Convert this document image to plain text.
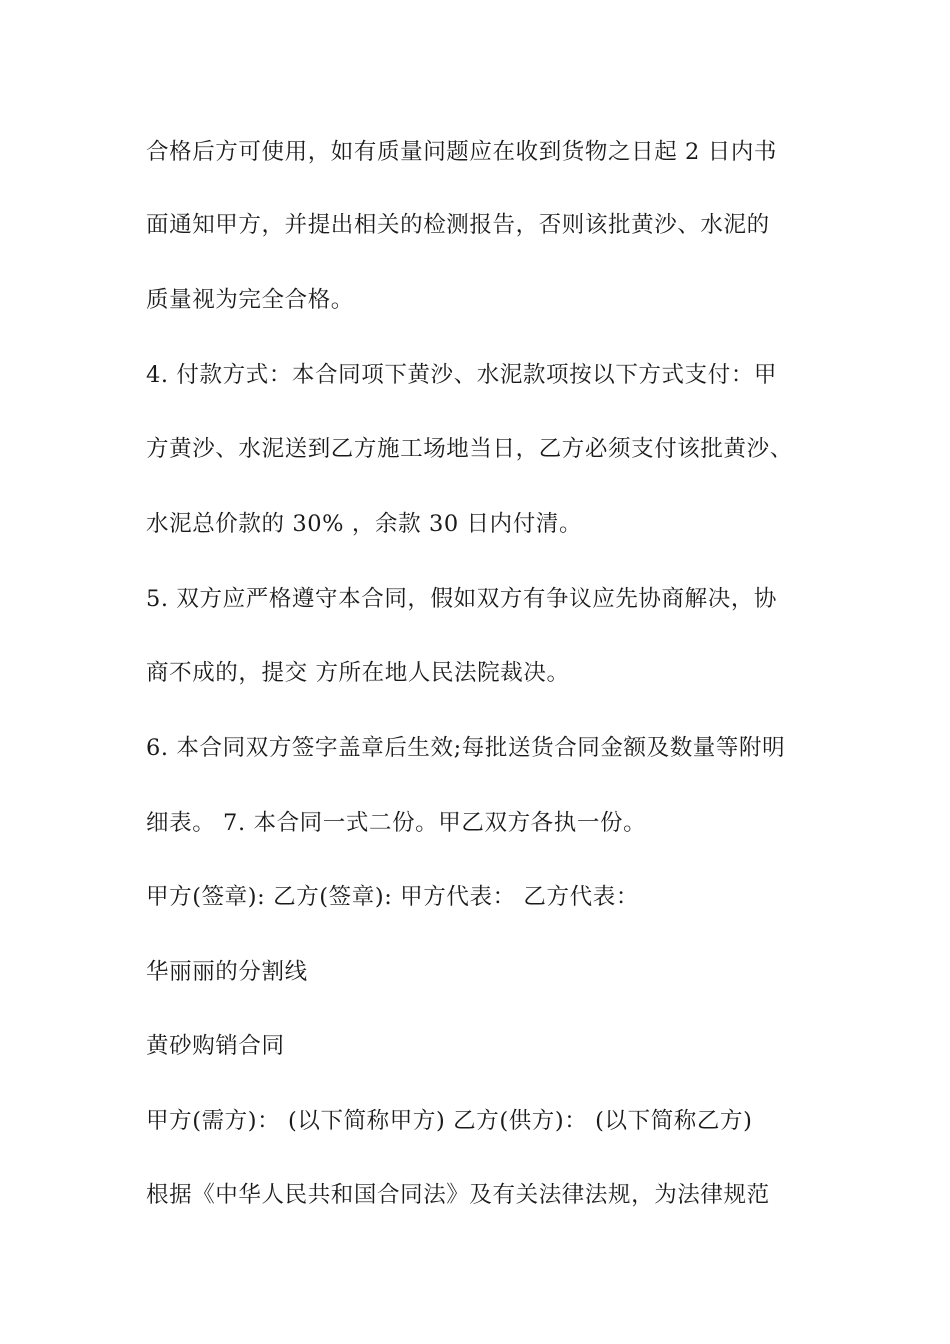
合格后方可使用，如有质量问题应在收到货物之日起 2 日内书
面通知甲方，并提出相关的检测报告，否则该批黄沙、水泥的
质量视为完全合格。
4. 付款方式：本合同项下黄沙、水泥款项按以下方式支付：甲
方黄沙、水泥送到乙方施工场地当日，乙方必须支付该批黄沙、
水泥总价款的 30% ，余款 30 日内付清。
5. 双方应严格遵守本合同，假如双方有争议应先协商解决，协
商不成的，提交 方所在地人民法院裁决。
6. 本合同双方签字盖章后生效;每批送货合同金额及数量等附明
细表。 7. 本合同一式二份。甲乙双方各执一份。
甲方(签章): 乙方(签章): 甲方代表： 乙方代表：
华丽丽的分割线
黄砂购销合同
甲方(需方)： (以下简称甲方) 乙方(供方)： (以下简称乙方)
根据《中华人民共和国合同法》及有关法律法规，为法律规范
